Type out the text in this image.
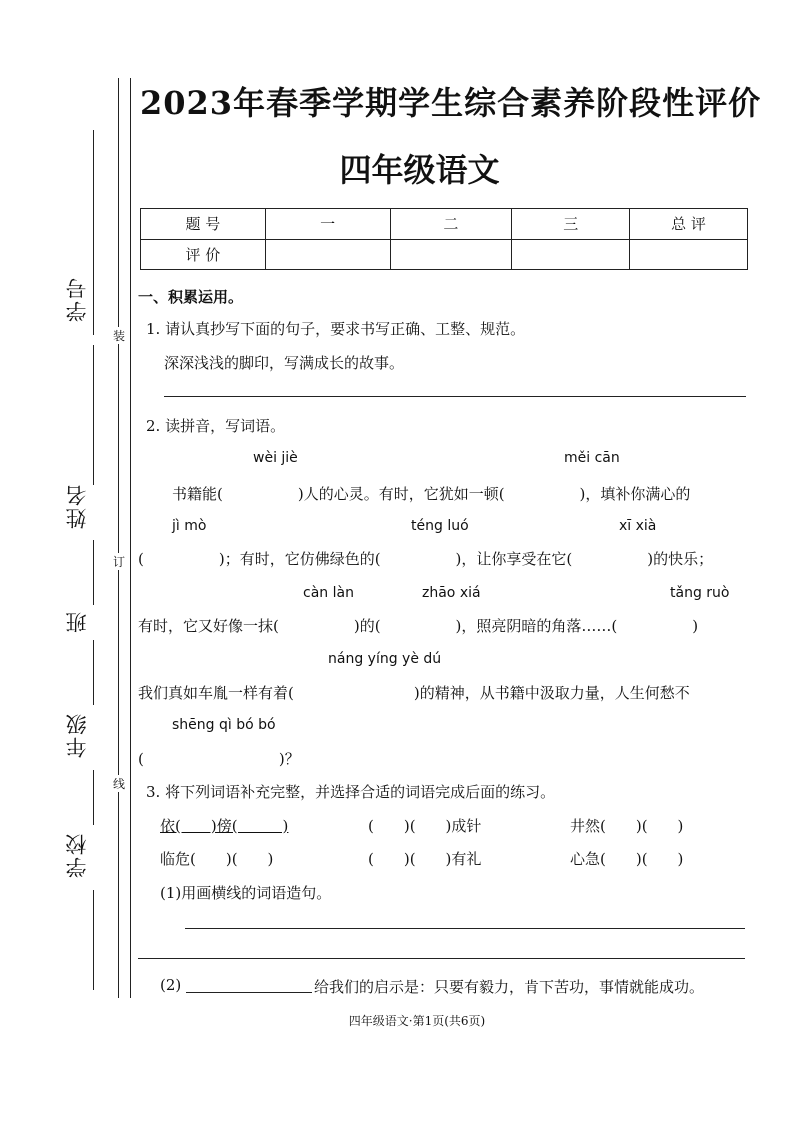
学号
姓名
班
年级
学校
装
订
线
2023年春季学期学生综合素养阶段性评价
四年级语文
题 号	一	二	三	总 评
评 价				
一、积累运用。
1. 请认真抄写下面的句子，要求书写正确、工整、规范。
深深浅浅的脚印，写满成长的故事。
2. 读拼音，写词语。
wèi jiè	měi cān
书籍能(　　　　　)人的心灵。有时，它犹如一顿(　　　　　)，填补你满心的
jì mò	téng luó	xī xià
(　　　　　)；有时，它仿佛绿色的(　　　　　)，让你享受在它(　　　　　)的快乐；
càn làn	zhāo xiá	tǎng ruò
有时，它又好像一抹(　　　　　)的(　　　　　)，照亮阴暗的角落……(　　　　　)
náng yíng yè dú
我们真如车胤一样有着(　　　　　　　　)的精神，从书籍中汲取力量，人生何愁不
shēng qì bó bó
(　　　　　　　　　)？
3. 将下列词语补充完整，并选择合适的词语完成后面的练习。
依(　　)傍(　　　)	(　　)(　　)成针	井然(　　)(　　)
临危(　　)(　　)	(　　)(　　)有礼	心急(　　)(　　)
(1)用画横线的词语造句。
(2)	给我们的启示是：只要有毅力，肯下苦功，事情就能成功。
四年级语文·第1页(共6页)
